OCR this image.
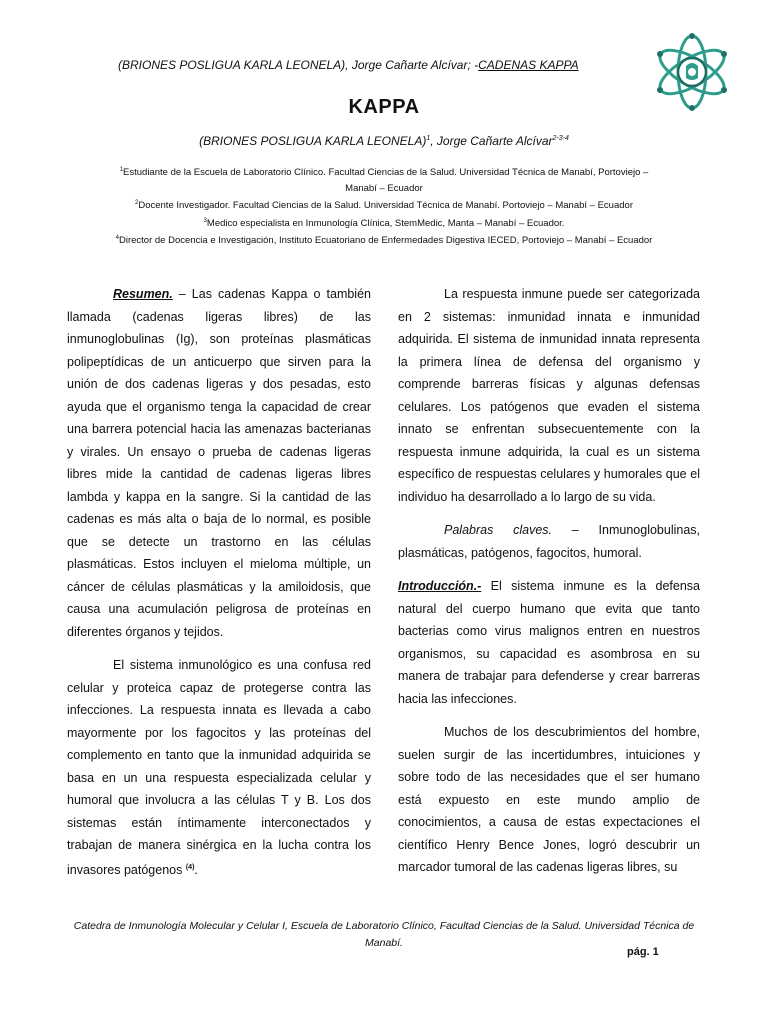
(BRIONES POSLIGUA KARLA LEONELA), Jorge Cañarte Alcívar; -CADENAS KAPPA
KAPPA
(BRIONES POSLIGUA KARLA LEONELA)$^1$, Jorge Cañarte Alcívar$^{2-3-4}$
$^1$Estudiante de la Escuela de Laboratorio Clínico. Facultad Ciencias de la Salud. Universidad Técnica de Manabí, Portoviejo – Manabí – Ecuador
$^2$Docente Investigador. Facultad Ciencias de la Salud. Universidad Técnica de Manabí. Portoviejo – Manabí – Ecuador
$^3$Medico especialista en Inmunología Clínica, StemMedic, Manta – Manabí – Ecuador.
$^4$Director de Docencia e Investigación, Instituto Ecuatoriano de Enfermedades Digestiva IECED, Portoviejo – Manabí – Ecuador

Resumen. – Las cadenas Kappa o también llamada (cadenas ligeras libres) de las inmunoglobulinas (Ig), son proteínas plasmáticas polipeptídicas de un anticuerpo que sirven para la unión de dos cadenas ligeras y dos pesadas, esto ayuda que el organismo tenga la capacidad de crear una barrera potencial hacia las amenazas bacterianas y virales. Un ensayo o prueba de cadenas ligeras libres mide la cantidad de cadenas ligeras libres lambda y kappa en la sangre. Si la cantidad de las cadenas es más alta o baja de lo normal, es posible que se detecte un trastorno en las células plasmáticas. Estos incluyen el mieloma múltiple, un cáncer de células plasmáticas y la amiloidosis, que causa una acumulación peligrosa de proteínas en diferentes órganos y tejidos.

El sistema inmunológico es una confusa red celular y proteica capaz de protegerse contra las infecciones. La respuesta innata es llevada a cabo mayormente por los fagocitos y las proteínas del complemento en tanto que la inmunidad adquirida se basa en un una respuesta especializada celular y humoral que involucra a las células T y B. Los dos sistemas están íntimamente interconectados y trabajan de manera sinérgica en la lucha contra los invasores patógenos $^{(4)}$.

La respuesta inmune puede ser categorizada en 2 sistemas: inmunidad innata e inmunidad adquirida. El sistema de inmunidad innata representa la primera línea de defensa del organismo y comprende barreras físicas y algunas defensas celulares. Los patógenos que evaden el sistema innato se enfrentan subsecuentemente con la respuesta inmune adquirida, la cual es un sistema específico de respuestas celulares y humorales que el individuo ha desarrollado a lo largo de su vida.

Palabras claves. – Inmunoglobulinas, plasmáticas, patógenos, fagocitos, humoral.

Introducción.- El sistema inmune es la defensa natural del cuerpo humano que evita que tanto bacterias como virus malignos entren en nuestros organismos, su capacidad es asombrosa en su manera de trabajar para defenderse y crear barreras hacia las infecciones.

Muchos de los descubrimientos del hombre, suelen surgir de las incertidumbres, intuiciones y sobre todo de las necesidades que el ser humano está expuesto en este mundo amplio de conocimientos, a causa de estas expectaciones el científico Henry Bence Jones, logró descubrir un marcador tumoral de las cadenas ligeras libres, su

Catedra de Inmunología Molecular y Celular I, Escuela de Laboratorio Clínico, Facultad Ciencias de la Salud. Universidad Técnica de Manabí.
pág. 1
